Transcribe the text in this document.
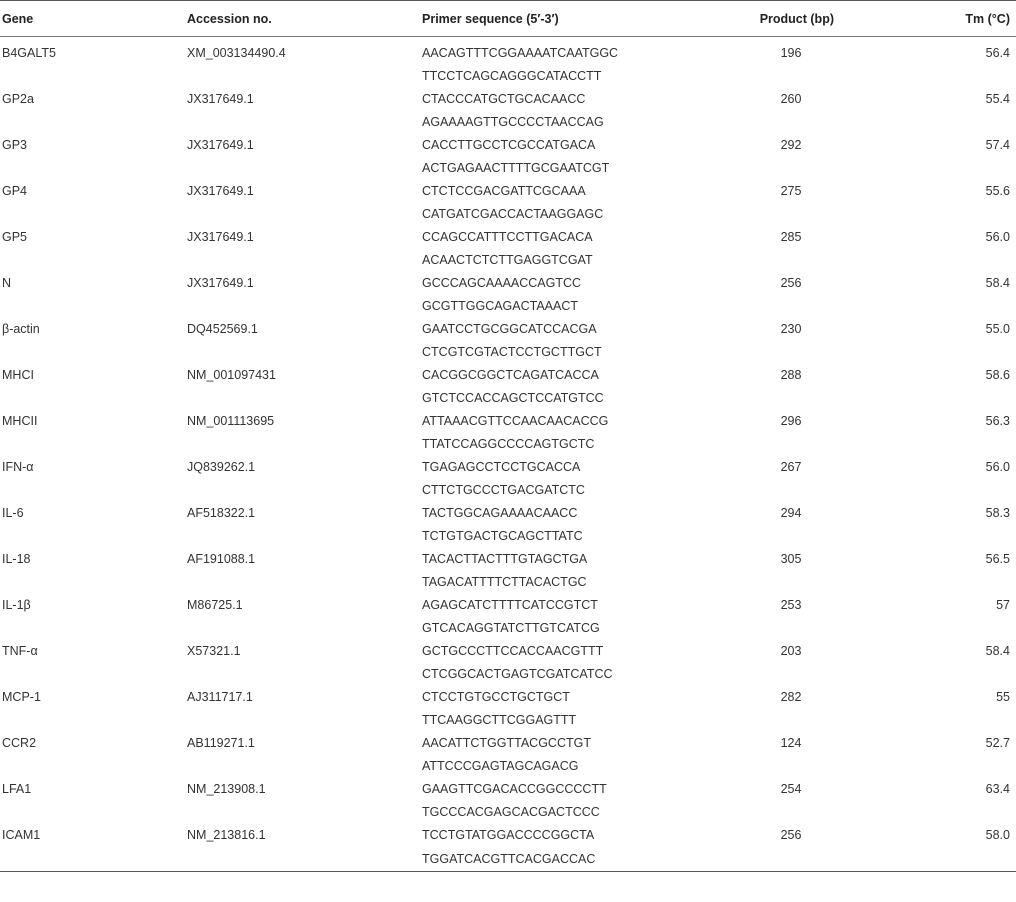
Gene	Accession no.	Primer sequence (5′-3′)	Product (bp)	Tm (°C)
B4GALT5	XM_003134490.4	AACAGTTTCGGAAAATCAATGGC	196	56.4
		TTCCTCAGCAGGGCATACCTT		
GP2a	JX317649.1	CTACCCATGCTGCACAACC	260	55.4
		AGAAAAGTTGCCCCTAACCAG		
GP3	JX317649.1	CACCTTGCCTCGCCATGACA	292	57.4
		ACTGAGAACTTTTGCGAATCGT		
GP4	JX317649.1	CTCTCCGACGATTCGCAAA	275	55.6
		CATGATCGACCACTAAGGAGC		
GP5	JX317649.1	CCAGCCATTTCCTTGACACA	285	56.0
		ACAACTCTCTTGAGGTCGAT		
N	JX317649.1	GCCCAGCAAAACCAGTCC	256	58.4
		GCGTTGGCAGACTAAACT		
β-actin	DQ452569.1	GAATCCTGCGGCATCCACGA	230	55.0
		CTCGTCGTACTCCTGCTTGCT		
MHCI	NM_001097431	CACGGCGGCTCAGATCACCA	288	58.6
		GTCTCCACCAGCTCCATGTCC		
MHCII	NM_001113695	ATTAAACGTTCCAACAACACCG	296	56.3
		TTATCCAGGCCCCAGTGCTC		
IFN-α	JQ839262.1	TGAGAGCCTCCTGCACCA	267	56.0
		CTTCTGCCCTGACGATCTC		
IL-6	AF518322.1	TACTGGCAGAAAACAACC	294	58.3
		TCTGTGACTGCAGCTTATC		
IL-18	AF191088.1	TACACTTACTTTGTAGCTGA	305	56.5
		TAGACATTTTCTTACACTGC		
IL-1β	M86725.1	AGAGCATCTTTTCATCCGTCT	253	57
		GTCACAGGTATCTTGTCATCG		
TNF-α	X57321.1	GCTGCCCTTCCACCAACGTTT	203	58.4
		CTCGGCACTGAGTCGATCATCC		
MCP-1	AJ311717.1	CTCCTGTGCCTGCTGCT	282	55
		TTCAAGGCTTCGGAGTTT		
CCR2	AB119271.1	AACATTCTGGTTACGCCTGT	124	52.7
		ATTCCCGAGTAGCAGACG		
LFA1	NM_213908.1	GAAGTTCGACACCGGCCCCTT	254	63.4
		TGCCCACGAGCACGACTCCC		
ICAM1	NM_213816.1	TCCTGTATGGACCCCGGCTA	256	58.0
		TGGATCACGTTCACGACCAC		
